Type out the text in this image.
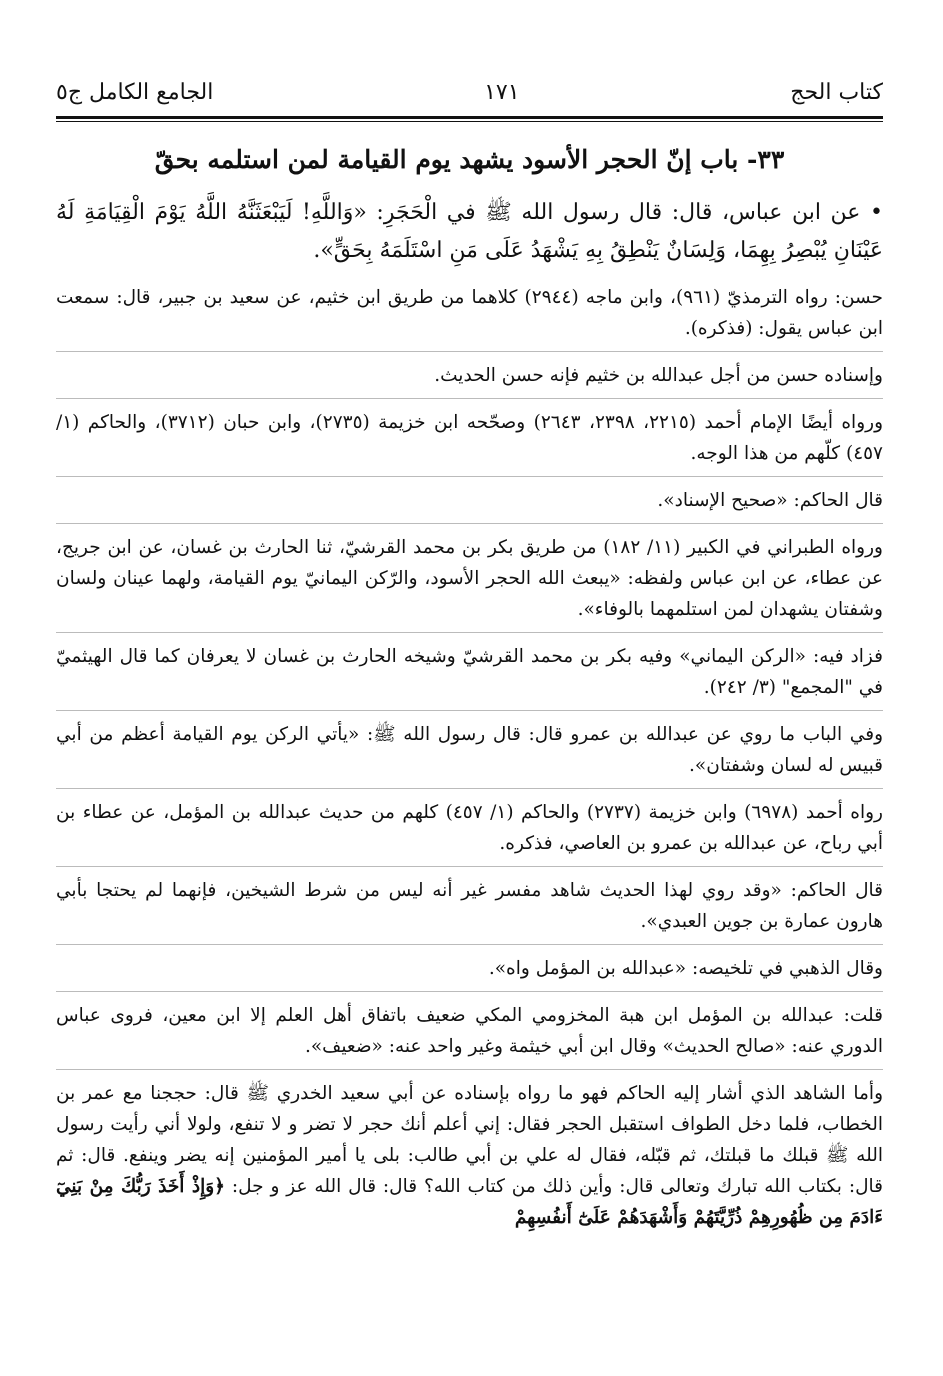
كتاب الحج
١٧١
الجامع الكامل ج٥
٣٣- باب إنّ الحجر الأسود يشهد يوم القيامة لمن استلمه بحقّ

• عن ابن عباس، قال: قال رسول الله ﷺ في الْحَجَرِ: «وَاللَّهِ! لَيَبْعَثَنَّهُ اللَّهُ يَوْمَ الْقِيَامَةِ لَهُ عَيْنَانِ يُبْصِرُ بِهِمَا، وَلِسَانٌ يَنْطِقُ بِهِ يَشْهَدُ عَلَى مَنِ اسْتَلَمَهُ بِحَقٍّ».

حسن: رواه الترمذيّ (٩٦١)، وابن ماجه (٢٩٤٤) كلاهما من طريق ابن خثيم، عن سعيد بن جبير، قال: سمعت ابن عباس يقول: (فذكره).

وإسناده حسن من أجل عبدالله بن خثيم فإنه حسن الحديث.

ورواه أيضًا الإمام أحمد (٢٢١٥، ٢٣٩٨، ٢٦٤٣) وصحّحه ابن خزيمة (٢٧٣٥)، وابن حبان (٣٧١٢)، والحاكم (١/ ٤٥٧) كلّهم من هذا الوجه.

قال الحاكم: «صحيح الإسناد».

ورواه الطبراني في الكبير (١١/ ١٨٢) من طريق بكر بن محمد القرشيّ، ثنا الحارث بن غسان، عن ابن جريج، عن عطاء، عن ابن عباس ولفظه: «يبعث الله الحجر الأسود، والرّكن اليمانيّ يوم القيامة، ولهما عينان ولسان وشفتان يشهدان لمن استلمهما بالوفاء».

فزاد فيه: «الركن اليماني» وفيه بكر بن محمد القرشيّ وشيخه الحارث بن غسان لا يعرفان كما قال الهيثميّ في "المجمع" (٣/ ٢٤٢).

وفي الباب ما روي عن عبدالله بن عمرو قال: قال رسول الله ﷺ: «يأتي الركن يوم القيامة أعظم من أبي قبيس له لسان وشفتان».

رواه أحمد (٦٩٧٨) وابن خزيمة (٢٧٣٧) والحاكم (١/ ٤٥٧) كلهم من حديث عبدالله بن المؤمل، عن عطاء بن أبي رباح، عن عبدالله بن عمرو بن العاصي، فذكره.

قال الحاكم: «وقد روي لهذا الحديث شاهد مفسر غير أنه ليس من شرط الشيخين، فإنهما لم يحتجا بأبي هارون عمارة بن جوين العبدي».

وقال الذهبي في تلخيصه: «عبدالله بن المؤمل واه».

قلت: عبدالله بن المؤمل ابن هبة المخزومي المكي ضعيف باتفاق أهل العلم إلا ابن معين، فروى عباس الدوري عنه: «صالح الحديث» وقال ابن أبي خيثمة وغير واحد عنه: «ضعيف».

وأما الشاهد الذي أشار إليه الحاكم فهو ما رواه بإسناده عن أبي سعيد الخدري ﷺ قال: حججنا مع عمر بن الخطاب، فلما دخل الطواف استقبل الحجر فقال: إني أعلم أنك حجر لا تضر و لا تنفع، ولولا أني رأيت رسول الله ﷺ قبلك ما قبلتك، ثم قبّله، فقال له علي بن أبي طالب: بلى يا أمير المؤمنين إنه يضر وينفع. قال: ثم قال: بكتاب الله تبارك وتعالى قال: وأين ذلك من كتاب الله؟ قال: قال الله عز و جل: ﴿وَإِذْ أَخَذَ رَبُّكَ مِنْ بَنِيٓ ءَادَمَ مِن ظُهُورِهِمْ ذُرِّيَّتَهُمْ وَأَشْهَدَهُمْ عَلَىٰٓ أَنفُسِهِمْ
